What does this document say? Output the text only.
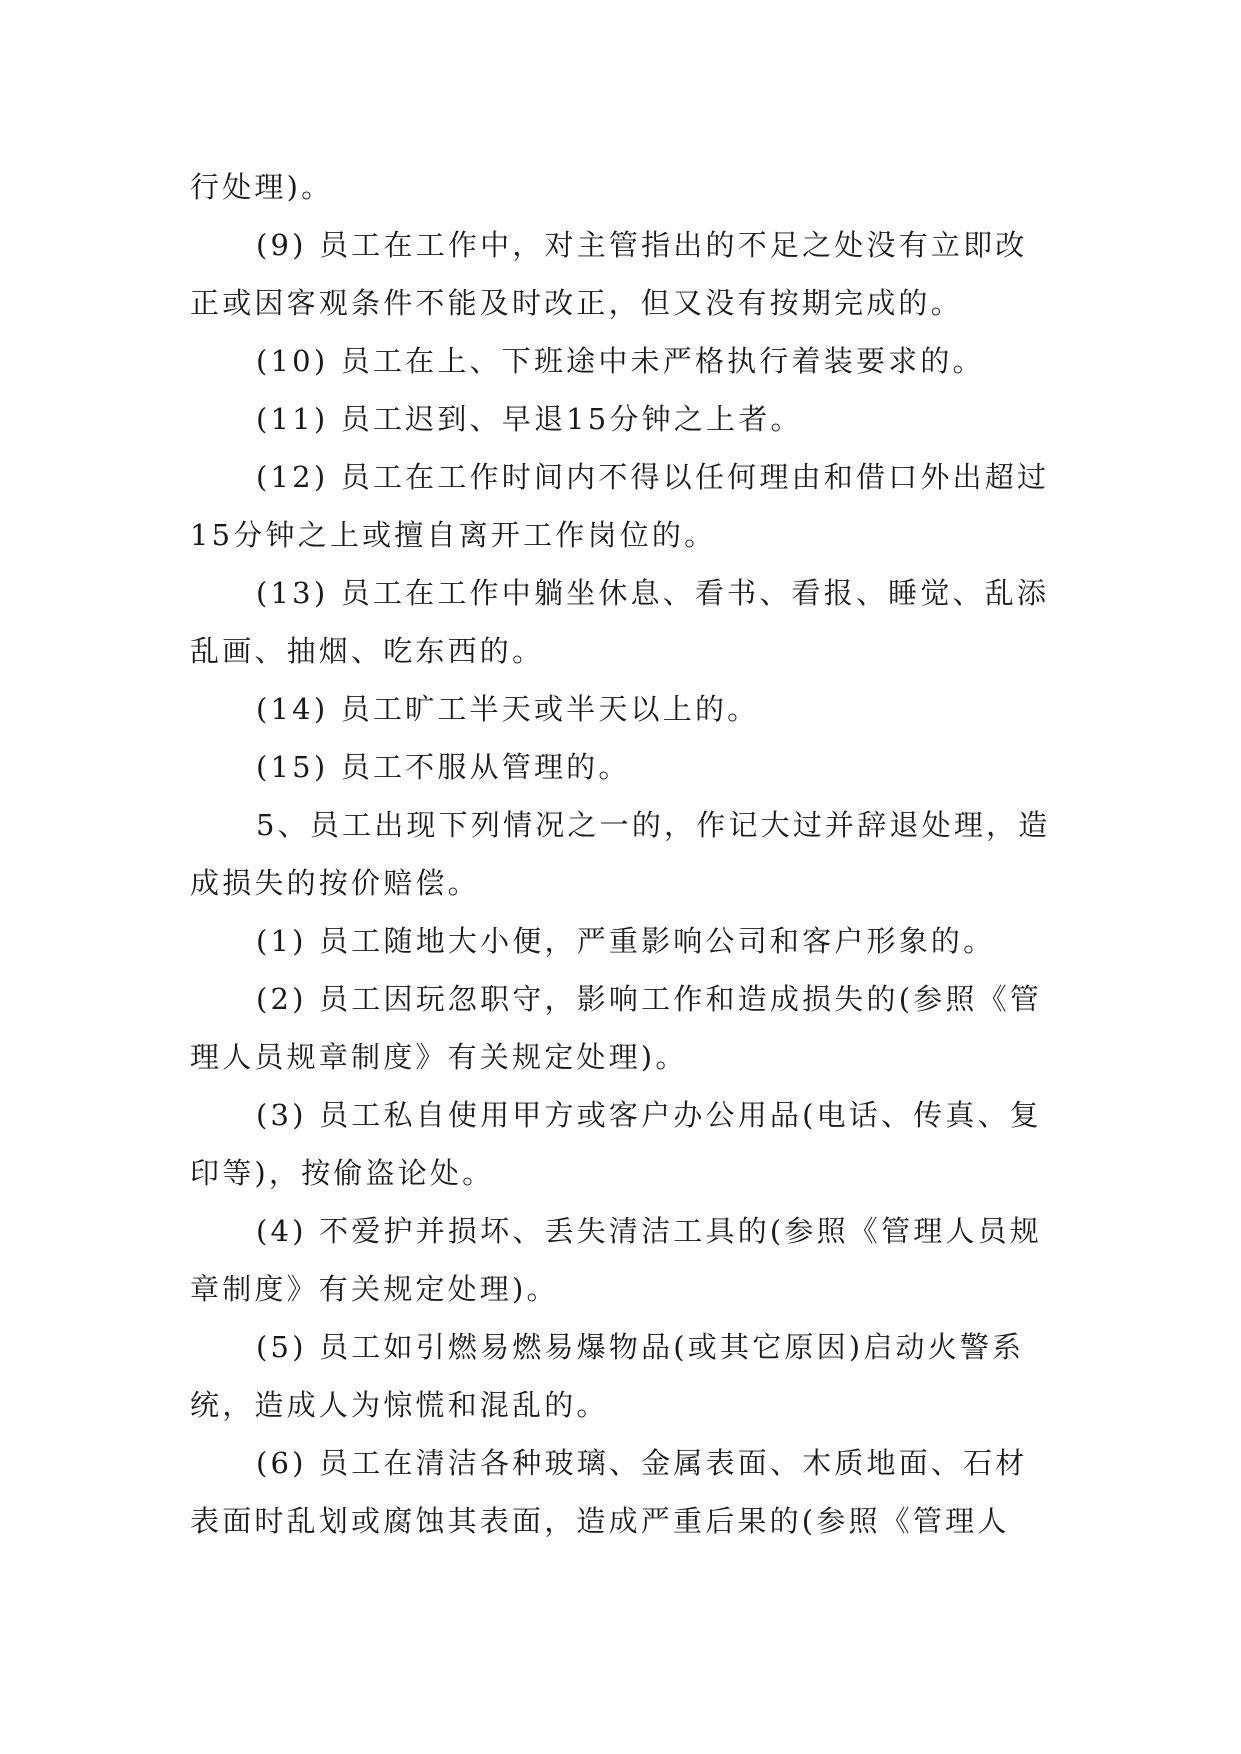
行处理)。

(9) 员工在工作中，对主管指出的不足之处没有立即改正或因客观条件不能及时改正，但又没有按期完成的。

(10) 员工在上、下班途中未严格执行着装要求的。

(11) 员工迟到、早退15分钟之上者。

(12) 员工在工作时间内不得以任何理由和借口外出超过15分钟之上或擅自离开工作岗位的。

(13) 员工在工作中躺坐休息、看书、看报、睡觉、乱添乱画、抽烟、吃东西的。

(14) 员工旷工半天或半天以上的。

(15) 员工不服从管理的。

5、员工出现下列情况之一的，作记大过并辞退处理，造成损失的按价赔偿。

(1) 员工随地大小便，严重影响公司和客户形象的。

(2) 员工因玩忽职守，影响工作和造成损失的(参照《管理人员规章制度》有关规定处理)。

(3) 员工私自使用甲方或客户办公用品(电话、传真、复印等)，按偷盗论处。

(4) 不爱护并损坏、丢失清洁工具的(参照《管理人员规章制度》有关规定处理)。

(5) 员工如引燃易燃易爆物品(或其它原因)启动火警系统，造成人为惊慌和混乱的。

(6) 员工在清洁各种玻璃、金属表面、木质地面、石材表面时乱划或腐蚀其表面，造成严重后果的(参照《管理人
